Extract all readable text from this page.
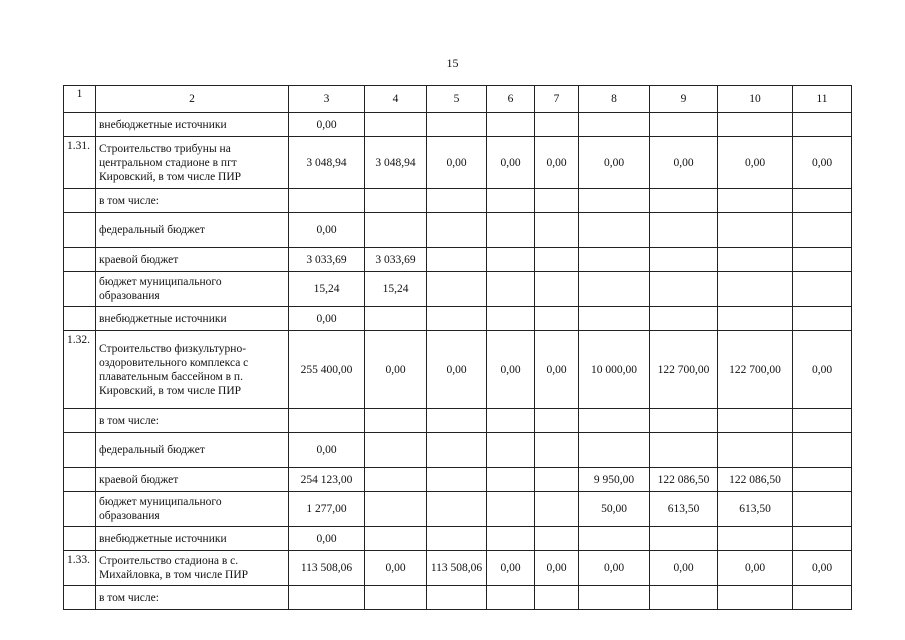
15
1	2	3	4	5	6	7	8	9	10	11
	внебюджетные источники	0,00								
1.31.	Строительство трибуны на центральном стадионе в пгт Кировский, в том числе ПИР	3 048,94	3 048,94	0,00	0,00	0,00	0,00	0,00	0,00	0,00
	в том числе:									
	федеральный бюджет	0,00								
	краевой бюджет	3 033,69	3 033,69							
	бюджет муниципального образования	15,24	15,24							
	внебюджетные источники	0,00								
1.32.	Строительство физкультурно-оздоровительного комплекса с плавательным бассейном в п. Кировский, в том числе ПИР	255 400,00	0,00	0,00	0,00	0,00	10 000,00	122 700,00	122 700,00	0,00
	в том числе:									
	федеральный бюджет	0,00								
	краевой бюджет	254 123,00					9 950,00	122 086,50	122 086,50	
	бюджет муниципального образования	1 277,00					50,00	613,50	613,50	
	внебюджетные источники	0,00								
1.33.	Строительство стадиона в с. Михайловка, в том числе ПИР	113 508,06	0,00	113 508,06	0,00	0,00	0,00	0,00	0,00	0,00
	в том числе:									
